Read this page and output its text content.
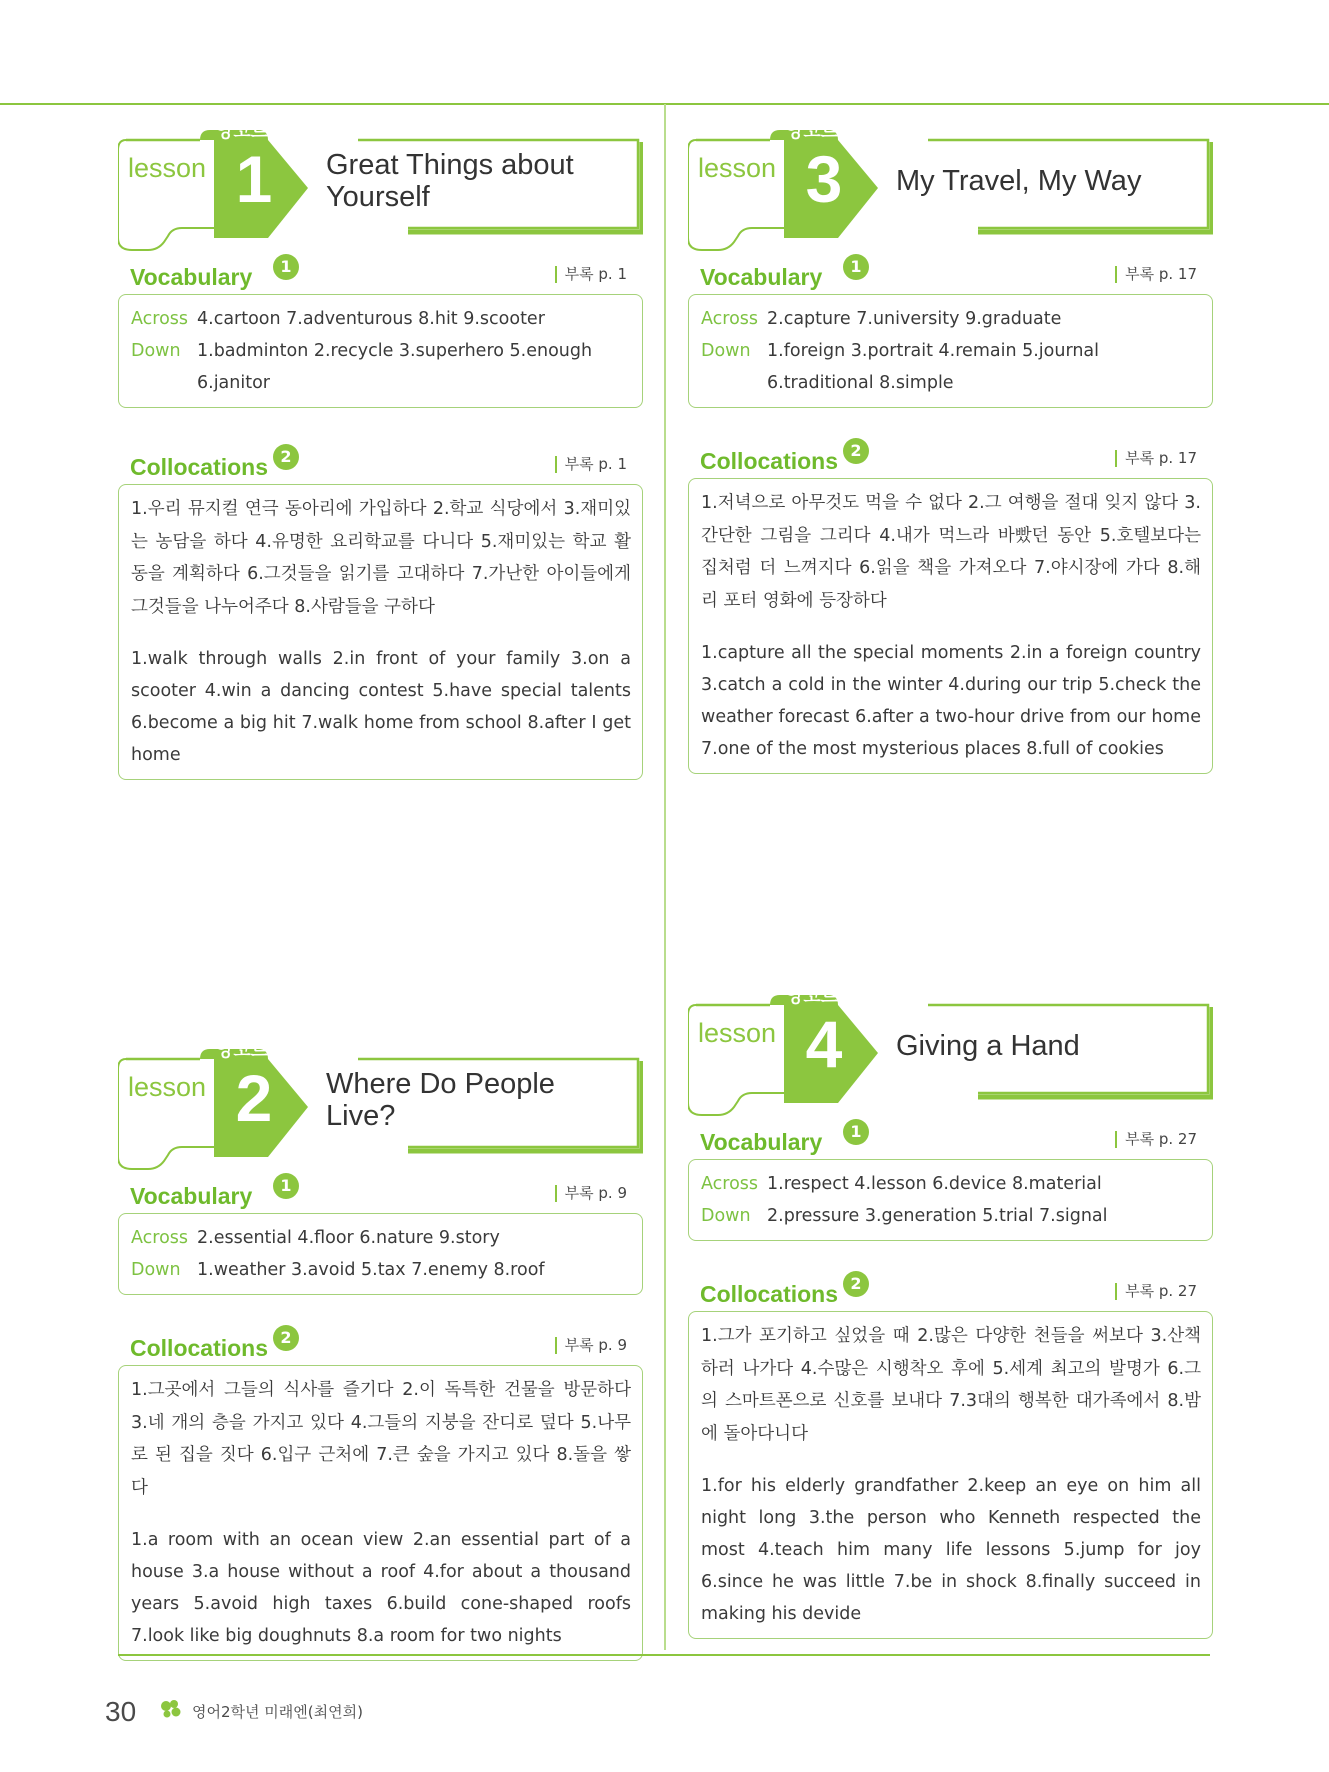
lesson
앙코르
1 Great Things about
Yourself
Vocabulary	1	부록 p. 1
Across 4.cartoon 7.adventurous 8.hit 9.scooter
Down 1.badminton 2.recycle 3.superhero 5.enough 6.janitor
Collocations 2	부록 p. 1
1.우리 뮤지컬 연극 동아리에 가입하다 2.학교 식당에서 3.재미있는 농담을 하다 4.유명한 요리학교를 다니다 5.재미있는 학교 활동을 계획하다 6.그것들을 읽기를 고대하다 7.가난한 아이들에게 그것들을 나누어주다 8.사람들을 구하다
1.walk through walls 2.in front of your family 3.on a scooter 4.win a dancing contest 5.have special talents 6.become a big hit 7.walk home from school 8.after I get home
lesson
앙코르
3 My Travel, My Way
Vocabulary	1	부록 p. 17
Across 2.capture 7.university 9.graduate
Down 1.foreign 3.portrait 4.remain 5.journal 6.traditional 8.simple
Collocations 2	부록 p. 17
1.저녁으로 아무것도 먹을 수 없다 2.그 여행을 절대 잊지 않다 3.간단한 그림을 그리다 4.내가 먹느라 바빴던 동안 5.호텔보다는 집처럼 더 느껴지다 6.읽을 책을 가져오다 7.야시장에 가다 8.해리 포터 영화에 등장하다
1.capture all the special moments 2.in a foreign country 3.catch a cold in the winter 4.during our trip 5.check the weather forecast 6.after a two-hour drive from our home 7.one of the most mysterious places 8.full of cookies
lesson
앙코르
2 Where Do People
Live?
Vocabulary	1	부록 p. 9
Across 2.essential 4.floor 6.nature 9.story
Down 1.weather 3.avoid 5.tax 7.enemy 8.roof
Collocations 2	부록 p. 9
1.그곳에서 그들의 식사를 즐기다 2.이 독특한 건물을 방문하다 3.네 개의 층을 가지고 있다 4.그들의 지붕을 잔디로 덮다 5.나무로 된 집을 짓다 6.입구 근처에 7.큰 숲을 가지고 있다 8.돌을 쌓다
1.a room with an ocean view 2.an essential part of a house 3.a house without a roof 4.for about a thousand years 5.avoid high taxes 6.build cone-shaped roofs 7.look like big doughnuts 8.a room for two nights
lesson
앙코르
4 Giving a Hand
Vocabulary	1	부록 p. 27
Across 1.respect 4.lesson 6.device 8.material
Down 2.pressure 3.generation 5.trial 7.signal
Collocations 2	부록 p. 27
1.그가 포기하고 싶었을 때 2.많은 다양한 천들을 써보다 3.산책하러 나가다 4.수많은 시행착오 후에 5.세계 최고의 발명가 6.그의 스마트폰으로 신호를 보내다 7.3대의 행복한 대가족에서 8.밤에 돌아다니다
1.for his elderly grandfather 2.keep an eye on him all night long 3.the person who Kenneth respected the most 4.teach him many life lessons 5.jump for joy 6.since he was little 7.be in shock 8.finally succeed in making his devide
30	영어2학년 미래엔(최연희)
